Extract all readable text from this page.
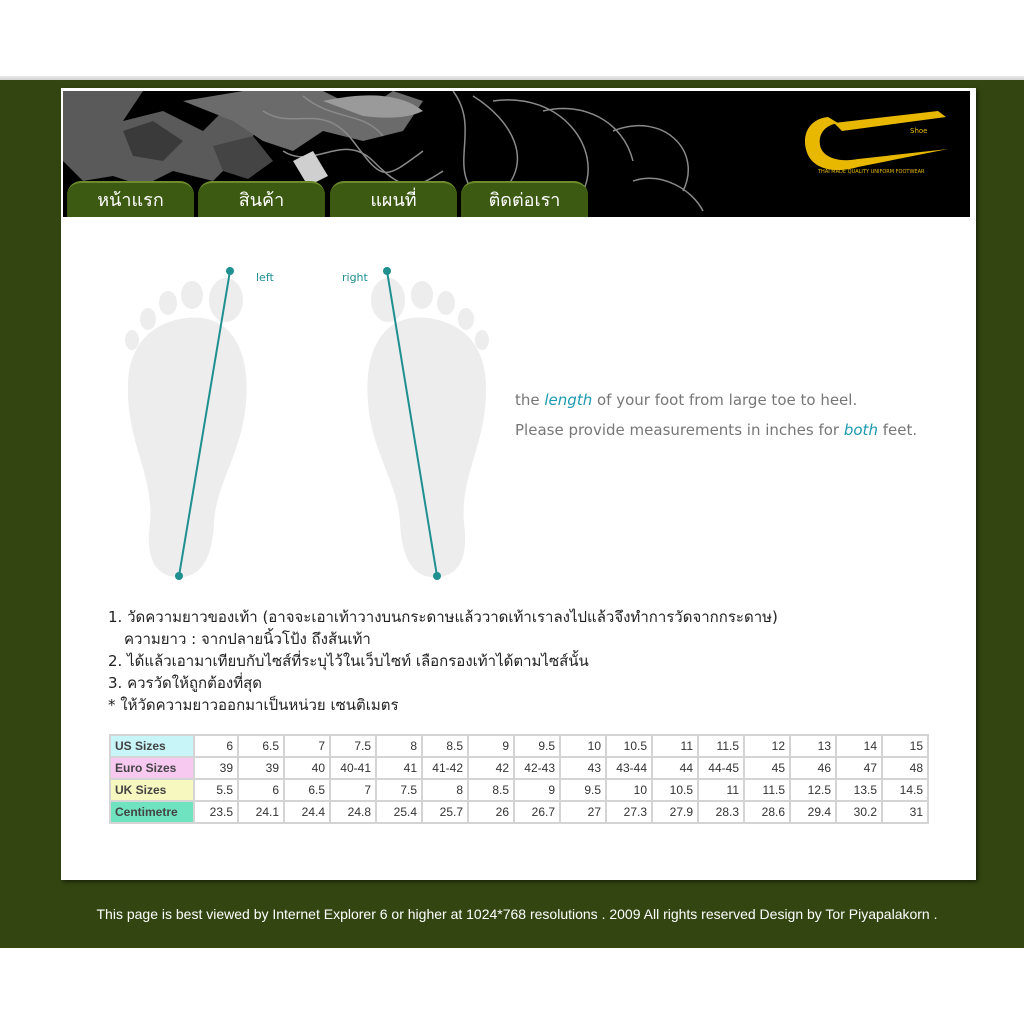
COBRA Shoe
THAI MADE QUALITY UNIFORM FOOTWEAR
หน้าแรก	สินค้า	แผนที่	ติดต่อเรา
left	right
the length of your foot from large toe to heel.
Please provide measurements in inches for both feet.
1. วัดความยาวของเท้า (อาจจะเอาเท้าวางบนกระดาษแล้ววาดเท้าเราลงไปแล้วจึงทำการวัดจากกระดาษ)
ความยาว : จากปลายนิ้วโป้ง ถึงส้นเท้า
2. ได้แล้วเอามาเทียบกับไซส์ที่ระบุไว้ในเว็บไซท์ เลือกรองเท้าได้ตามไซส์นั้น
3. ควรวัดให้ถูกต้องที่สุด
* ให้วัดความยาวออกมาเป็นหน่วย เซนติเมตร
US Sizes	6	6.5	7	7.5	8	8.5	9	9.5	10	10.5	11	11.5	12	13	14	15
Euro Sizes	39	39	40	40-41	41	41-42	42	42-43	43	43-44	44	44-45	45	46	47	48
UK Sizes	5.5	6	6.5	7	7.5	8	8.5	9	9.5	10	10.5	11	11.5	12.5	13.5	14.5
Centimetre	23.5	24.1	24.4	24.8	25.4	25.7	26	26.7	27	27.3	27.9	28.3	28.6	29.4	30.2	31
This page is best viewed by Internet Explorer 6 or higher at 1024*768 resolutions . 2009 All rights reserved Design by Tor Piyapalakorn .
